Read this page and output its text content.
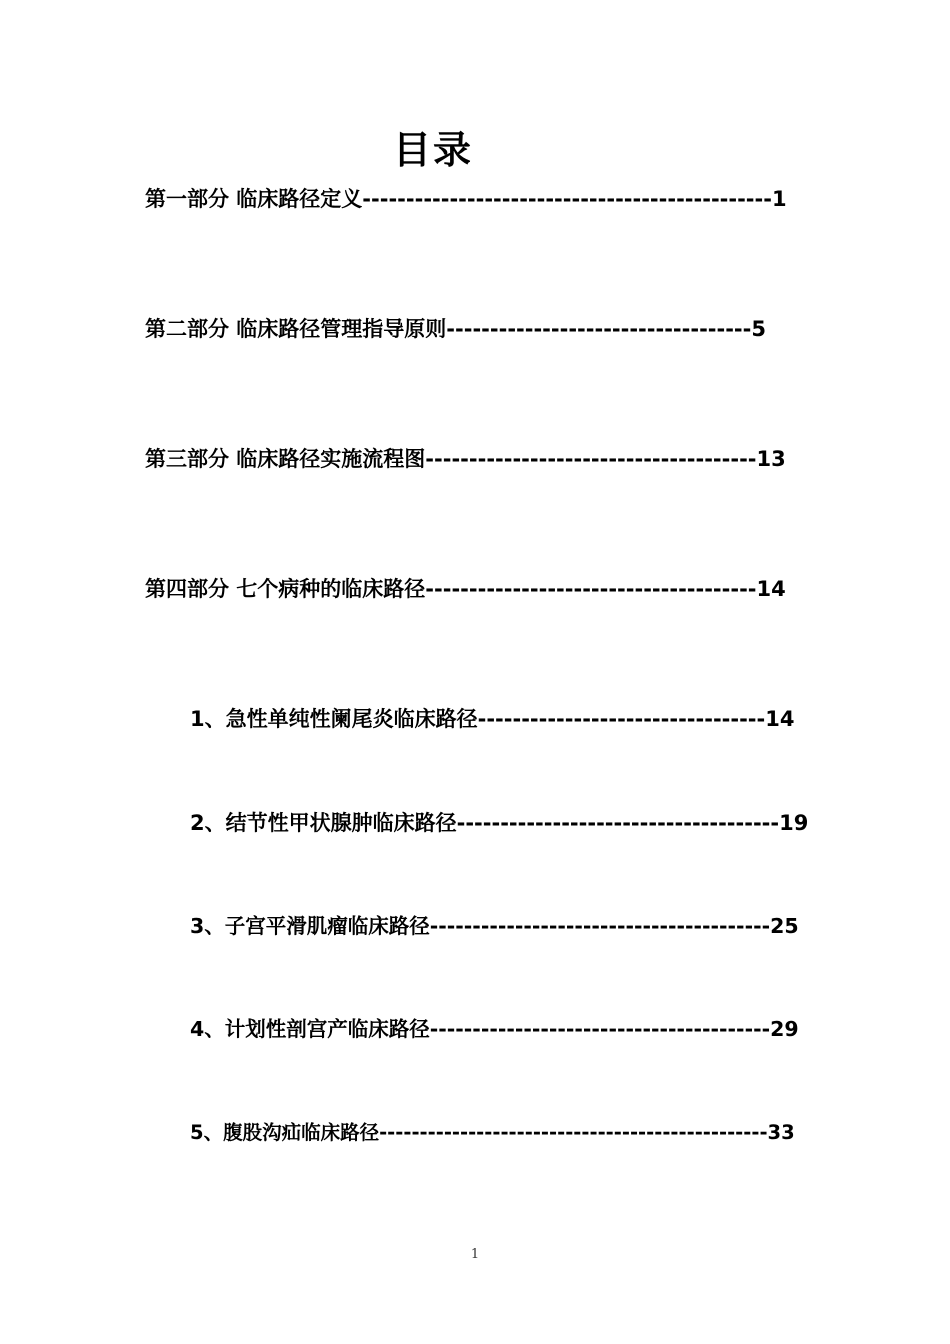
目录
第一部分 临床路径定义-----------------------------------------------1
第二部分 临床路径管理指导原则-----------------------------------5
第三部分 临床路径实施流程图--------------------------------------13
第四部分 七个病种的临床路径--------------------------------------14
1、急性单纯性阑尾炎临床路径---------------------------------14
2、结节性甲状腺肿临床路径-------------------------------------19
3、子宫平滑肌瘤临床路径----------------------------------------25
4、计划性剖宫产临床路径----------------------------------------29
5、腹股沟疝临床路径------------------------------------------------33
1
